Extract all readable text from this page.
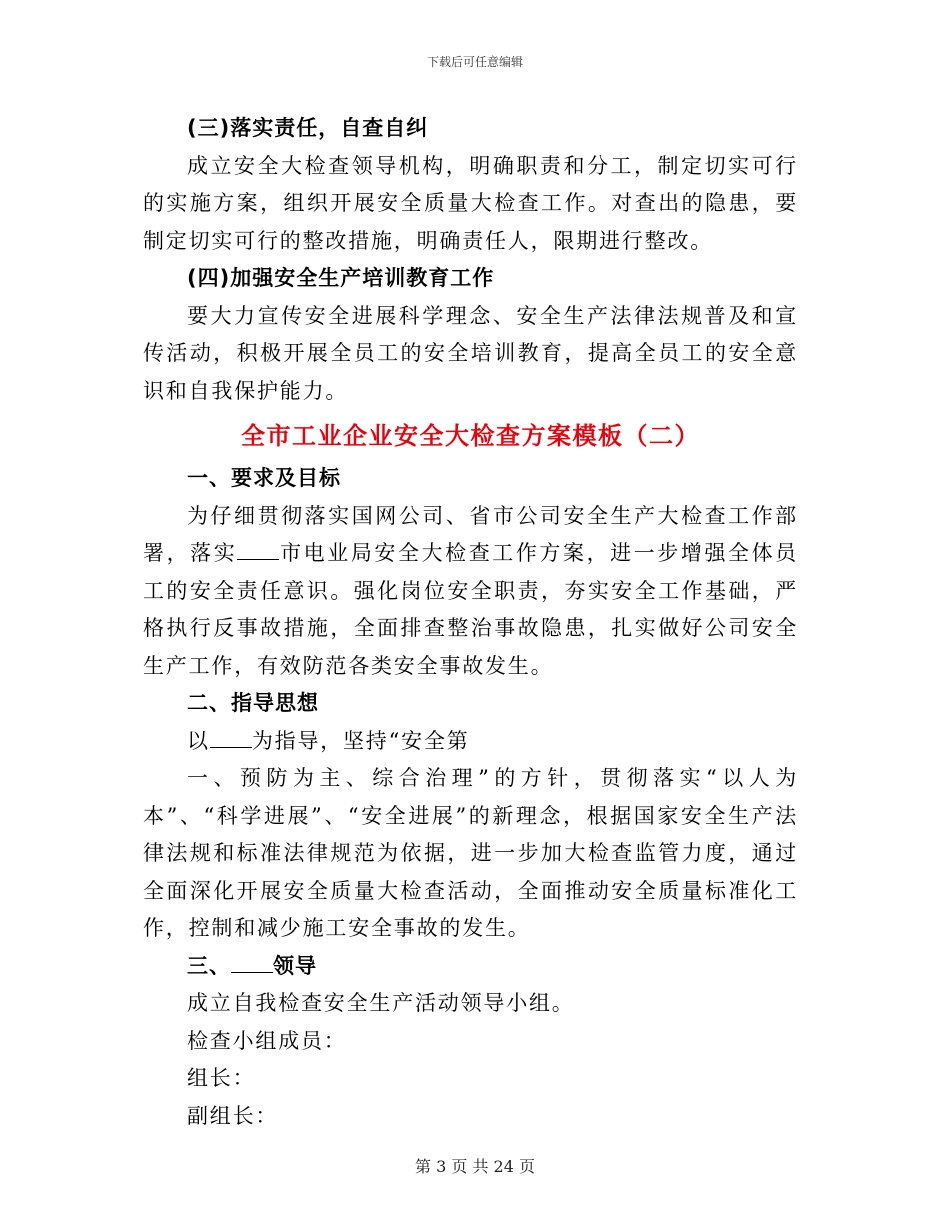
下载后可任意编辑

(三)落实责任，自查自纠

成立安全大检查领导机构，明确职责和分工，制定切实可行的实施方案，组织开展安全质量大检查工作。对查出的隐患，要制定切实可行的整改措施，明确责任人，限期进行整改。

(四)加强安全生产培训教育工作

要大力宣传安全进展科学理念、安全生产法律法规普及和宣传活动，积极开展全员工的安全培训教育，提高全员工的安全意识和自我保护能力。

全市工业企业安全大检查方案模板（二）

一、要求及目标

为仔细贯彻落实国网公司、省市公司安全生产大检查工作部署，落实 市电业局安全大检查工作方案，进一步增强全体员工的安全责任意识。强化岗位安全职责，夯实安全工作基础，严格执行反事故措施，全面排查整治事故隐患，扎实做好公司安全生产工作，有效防范各类安全事故发生。

二、指导思想

以 为指导，坚持“安全第

一、预防为主、综合治理”的方针，贯彻落实“以人为本”、“科学进展”、“安全进展”的新理念，根据国家安全生产法律法规和标准法律规范为依据，进一步加大检查监管力度，通过全面深化开展安全质量大检查活动，全面推动安全质量标准化工作，控制和减少施工安全事故的发生。

三、 领导

成立自我检查安全生产活动领导小组。

检查小组成员：

组长：

副组长：

第 3 页 共 24 页
